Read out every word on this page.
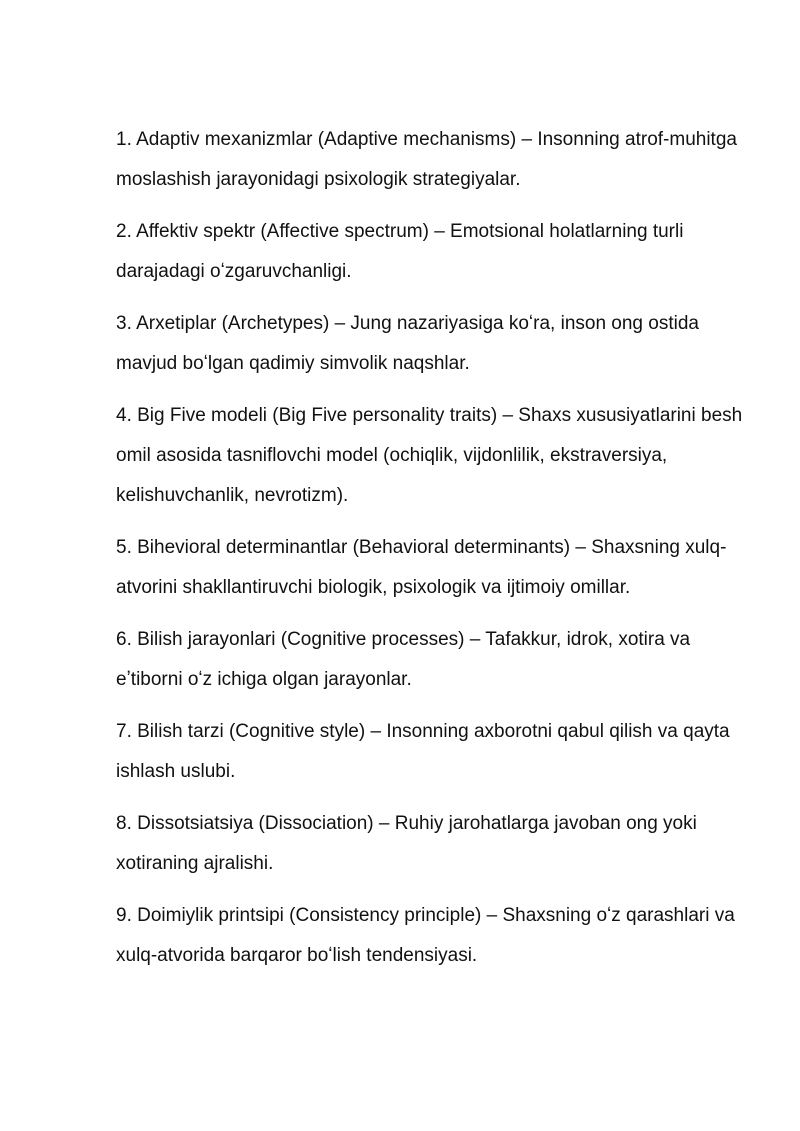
1. Adaptiv mexanizmlar (Adaptive mechanisms) – Insonning atrof-muhitga moslashish jarayonidagi psixologik strategiyalar.

2. Affektiv spektr (Affective spectrum) – Emotsional holatlarning turli darajadagi oʻzgaruvchanligi.

3. Arxetiplar (Archetypes) – Jung nazariyasiga koʻra, inson ong ostida mavjud boʻlgan qadimiy simvolik naqshlar.

4. Big Five modeli (Big Five personality traits) – Shaxs xususiyatlarini besh omil asosida tasniflovchi model (ochiqlik, vijdonlilik, ekstraversiya, kelishuvchanlik, nevrotizm).

5. Bihevioral determinantlar (Behavioral determinants) – Shaxsning xulq-atvorini shakllantiruvchi biologik, psixologik va ijtimoiy omillar.

6. Bilish jarayonlari (Cognitive processes) – Tafakkur, idrok, xotira va eʼtiborni oʻz ichiga olgan jarayonlar.

7. Bilish tarzi (Cognitive style) – Insonning axborotni qabul qilish va qayta ishlash uslubi.

8. Dissotsiatsiya (Dissociation) – Ruhiy jarohatlarga javoban ong yoki xotiraning ajralishi.

9. Doimiylik printsipi (Consistency principle) – Shaxsning oʻz qarashlari va xulq-atvorida barqaror boʻlish tendensiyasi.
